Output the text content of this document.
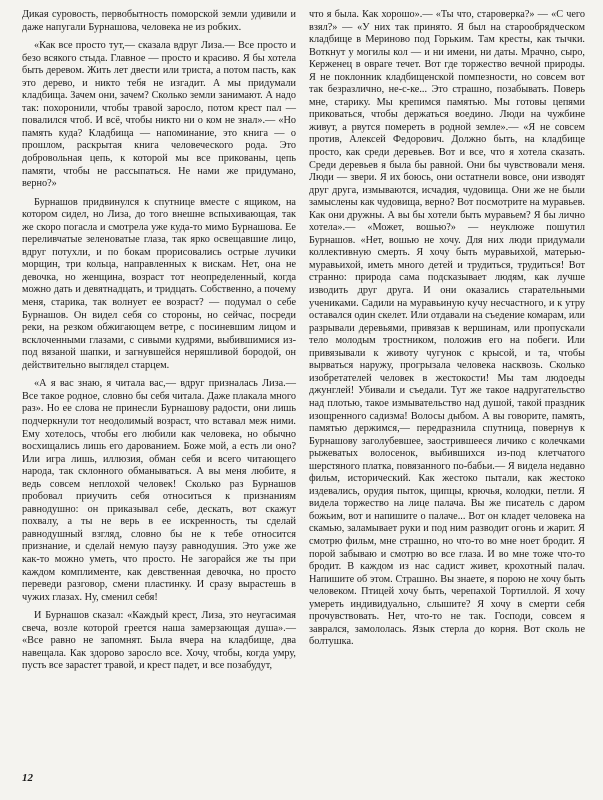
Дикая суровость, первобытность поморской земли удивили и даже напугали Бурнашова, человека не из робких.

«Как все просто тут,— сказала вдруг Лиза.— Все просто и безо всякого стыда. Главное — просто и красиво. Я бы хотела быть деревом. Жить лет двести или триста, а потом пасть, как это дерево, и никто тебя не изгадит. А мы придумали кладбища. Зачем они, зачем? Сколько земли занимают. А надо так: похоронили, чтобы травой заросло, потом крест пал — повалился чтоб. И всё, чтобы никто ни о ком не знал».— «Но память куда? Кладбища — напоминание, это книга — о прошлом, раскрытая книга человеческого рода. Это добровольная цепь, к которой мы все прикованы, цепь памяти, чтобы не рассыпаться. Не нами же придумано, верно?»

Бурнашов придвинулся к спутнице вместе с ящиком, на котором сидел, но Лиза, до того внешне вспыхивающая, так же скоро погасла и смотрела уже куда-то мимо Бурнашова. Ее переливчатые зеленоватые глаза, так ярко освещавшие лицо, вдруг потухли, и по бокам прорисовались острые лучики морщин, три кольца, направленных к вискам. Нет, она не девочка, но женщина, возраст тот неопределенный, когда можно дать и девятнадцать, и тридцать. Собственно, а почему меня, старика, так волнует ее возраст? — подумал о себе Бурнашов. Он видел себя со стороны, но сейчас, посреди реки, на резком обжигающем ветре, с посиневшим лицом и всклоченными глазами, с сивыми кудрями, выбившимися из-под вязаной шапки, и загнувшейся неряшливой бородой, он действительно выглядел старцем.

«А я вас знаю, я читала вас,— вдруг призналась Лиза.— Все такое родное, словно бы себя читала. Даже плакала много раз». Но ее слова не принесли Бурнашову радости, они лишь подчеркнули тот неодолимый возраст, что вставал меж ними. Ему хотелось, чтобы его любили как человека, но обычно восхищались лишь его дарованием. Боже мой, а есть ли оно? Или игра лишь, иллюзия, обман себя и всего читающего народа, так склонного обманываться. А вы меня любите, я ведь совсем неплохой человек! Сколько раз Бурнашов пробовал приучить себя относиться к признаниям равнодушно: он приказывал себе, дескать, вот скажут похвалу, а ты не верь в ее искренность, ты сделай равнодушный взгляд, словно бы не к тебе относится признание, и сделай немую паузу равнодушия. Это уже же как-то можно уметь, что просто. Не загорайся же ты при каждом комплименте, как девственная девочка, но просто переведи разговор, смени пластинку. И сразу вырастешь в чужих глазах. Ну, сменил себя!

И Бурнашов сказал: «Каждый крест, Лиза, это неугасимая свеча, возле которой греется наша замерзающая душа».— «Все равно не запомнят. Была вчера на кладбище, два навещала. Как здорово заросло все. Хочу, чтобы, когда умру, пусть все зарастет травой, и крест падет, и все позабудут,

что я была. Как хорошо».— «Ты что, староверка?» — «С чего взял?» — «У них так принято. Я был на старообрядческом кладбище в Мериново под Горьким. Там кресты, как тычки. Воткнут у могилы кол — и ни имени, ни даты. Мрачно, сыро, Керженец в овраге течет. Вот где торжество вечной природы. Я не поклонник кладбищенской помпезности, но совсем вот так безразлично, не-с-ке... Это страшно, позабывать. Поверь мне, старику. Мы крепимся памятью. Мы готовы цепями приковаться, чтобы держаться воедино. Люди на чужбине живут, а рвутся помереть в родной земле».— «Я не совсем против, Алексей Федорович. Должно быть, на кладбище просто, как среди деревьев. Вот и все, что я хотела сказать. Среди деревьев я была бы равной. Они бы чувствовали меня. Люди — звери. Я их боюсь, они остатнели вовсе, они изводят друг друга, измываются, исчадия, чудовища. Они же не были замыслены как чудовища, верно? Вот посмотрите на муравьев. Как они дружны. А вы бы хотели быть муравьем? Я бы лично хотела».— «Может, вошью?» — неуклюже пошутил Бурнашов. «Нет, вошью не хочу. Для них люди придумали коллективную смерть. Я хочу быть муравьихой, матерью-муравьихой, иметь много детей и трудиться, трудиться! Вот странно: природа сама подсказывает людям, как лучше изводить друг друга. И они оказались старательными учениками. Садили на муравьиную кучу несчастного, и к утру оставался один скелет. Или отдавали на съедение комарам, или разрывали деревьями, привязав к вершинам, или пропускали тело молодым тростником, положив его на побеги. Или привязывали к животу чугунок с крысой, и та, чтобы вырваться наружу, прогрызала человека насквозь. Сколько изобретателей человек в жестокости! Мы там людоеды джунглей! Убивали и съедали. Тут же такое надругательство над плотью, такое измывательство над душой, такой праздник изощренного садизма! Волосы дыбом. А вы говорите, память, памятью держимся,— передразнила спутница, повернув к Бурнашову заголубевшее, заострившееся личико с колечками рыжеватых волосенок, выбившихся из-под клетчатого шерстяного платка, повязанного по-бабьи.— Я видела недавно фильм, исторический. Как жестоко пытали, как жестоко издевались, орудия пыток, щипцы, крючья, колодки, петли. Я видела торжество на лице палача. Вы же писатель с даром божьим, вот и напишите о палаче... Вот он кладет человека на скамью, заламывает руки и под ним разводит огонь и жарит. Я смотрю фильм, мне страшно, но что-то во мне ноет бродит. Я порой забываю и смотрю во все глаза. И во мне тоже что-то бродит. В каждом из нас садист живет, крохотный палач. Напишите об этом. Страшно. Вы знаете, я порою не хочу быть человеком. Птицей хочу быть, черепахой Тортиллой. Я хочу умереть индивидуально, слышите? Я хочу в смерти себя прочувствовать. Нет, что-то не так. Господи, совсем я заврался, замололась. Язык стерла до корня. Вот сколь не болтушка.

12
